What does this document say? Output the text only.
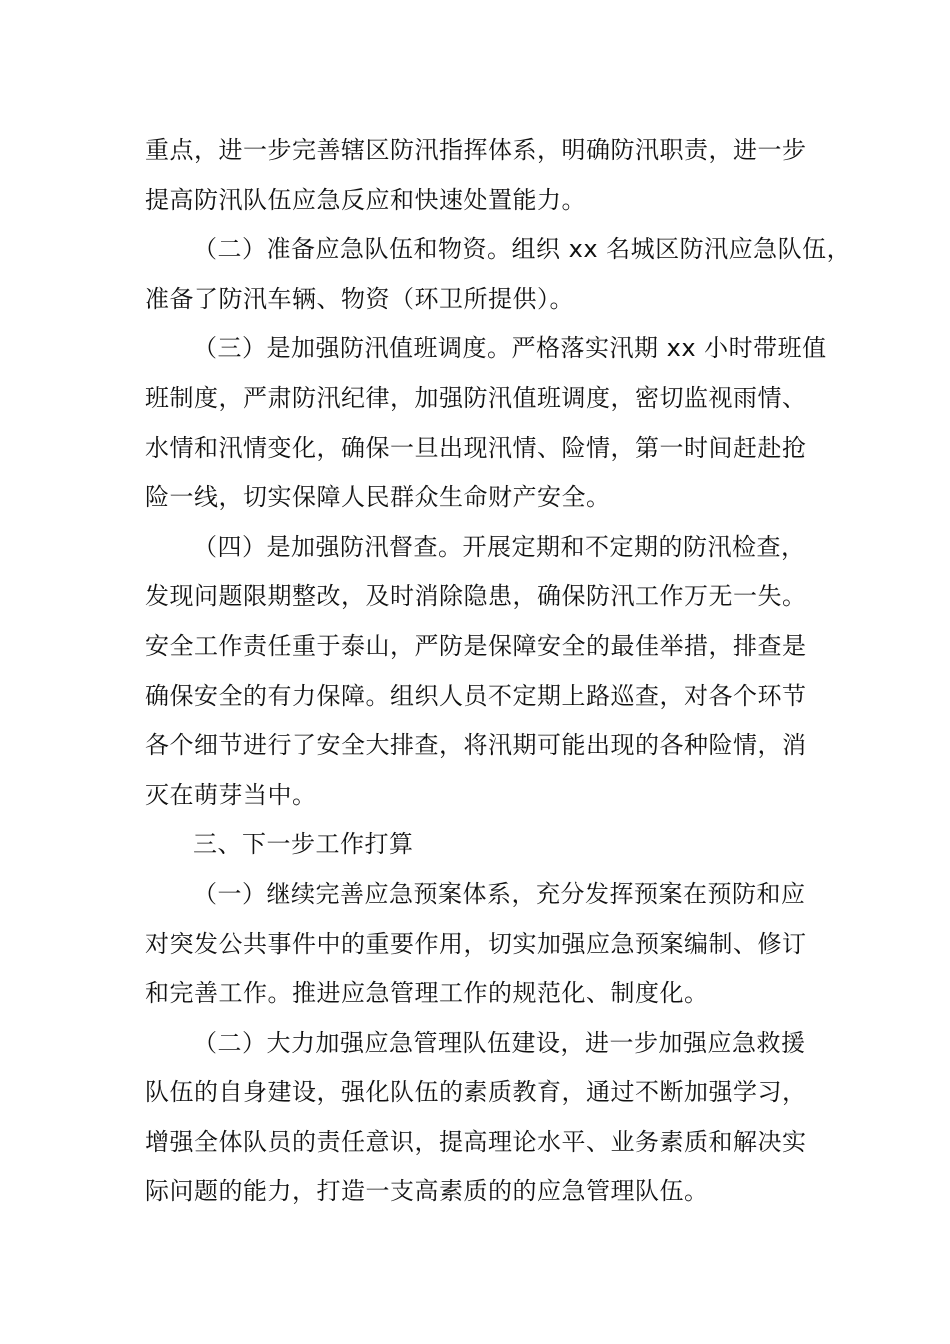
重点，进一步完善辖区防汛指挥体系，明确防汛职责，进一步
提高防汛队伍应急反应和快速处置能力。
（二）准备应急队伍和物资。组织 xx 名城区防汛应急队伍，
准备了防汛车辆、物资（环卫所提供）。
（三）是加强防汛值班调度。严格落实汛期 xx 小时带班值
班制度，严肃防汛纪律，加强防汛值班调度，密切监视雨情、
水情和汛情变化，确保一旦出现汛情、险情，第一时间赶赴抢
险一线，切实保障人民群众生命财产安全。
（四）是加强防汛督查。开展定期和不定期的防汛检查，
发现问题限期整改，及时消除隐患，确保防汛工作万无一失。
安全工作责任重于泰山，严防是保障安全的最佳举措，排查是
确保安全的有力保障。组织人员不定期上路巡查，对各个环节
各个细节进行了安全大排查，将汛期可能出现的各种险情，消
灭在萌芽当中。
三、下一步工作打算
（一）继续完善应急预案体系，充分发挥预案在预防和应
对突发公共事件中的重要作用，切实加强应急预案编制、修订
和完善工作。推进应急管理工作的规范化、制度化。
（二）大力加强应急管理队伍建设，进一步加强应急救援
队伍的自身建设，强化队伍的素质教育，通过不断加强学习，
增强全体队员的责任意识，提高理论水平、业务素质和解决实
际问题的能力，打造一支高素质的的应急管理队伍。
